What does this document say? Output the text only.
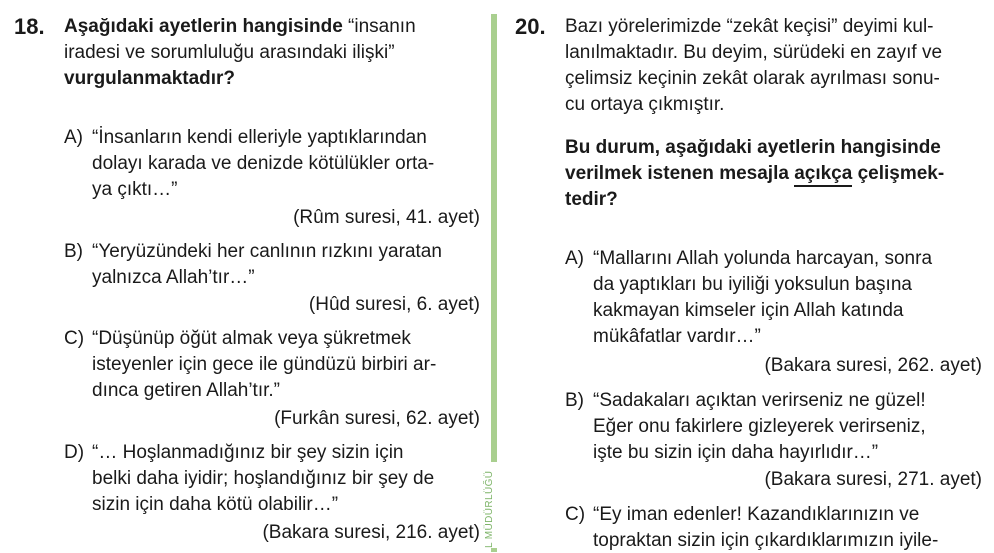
18. Aşağıdaki ayetlerin hangisinde “insanın
iradesi ve sorumluluğu arasındaki ilişki”
vurgulanmaktadır?
A) “İnsanların kendi elleriyle yaptıklarından
dolayı karada ve denizde kötülükler orta-
ya çıktı…”
(Rûm suresi, 41. ayet)
B) “Yeryüzündeki her canlının rızkını yaratan
yalnızca Allah’tır…”
(Hûd suresi, 6. ayet)
C) “Düşünüp öğüt almak veya şükretmek
isteyenler için gece ile gündüzü birbiri ar-
dınca getiren Allah’tır.”
(Furkân suresi, 62. ayet)
D) “… Hoşlanmadığınız bir şey sizin için
belki daha iyidir; hoşlandığınız bir şey de
sizin için daha kötü olabilir…”
(Bakara suresi, 216. ayet) L MÜDÜRLÜĞÜ
20. Bazı yörelerimizde “zekât keçisi” deyimi kul-
lanılmaktadır. Bu deyim, sürüdeki en zayıf ve
çelimsiz keçinin zekât olarak ayrılması sonu-
cu ortaya çıkmıştır.
Bu durum, aşağıdaki ayetlerin hangisinde
verilmek istenen mesajla açıkça çelişmek-
tedir?
A) “Mallarını Allah yolunda harcayan, sonra
da yaptıkları bu iyiliği yoksulun başına
kakmayan kimseler için Allah katında
mükâfatlar vardır…”
(Bakara suresi, 262. ayet)
B) “Sadakaları açıktan verirseniz ne güzel!
Eğer onu fakirlere gizleyerek verirseniz,
işte bu sizin için daha hayırlıdır…”
(Bakara suresi, 271. ayet)
C) “Ey iman edenler! Kazandıklarınızın ve
topraktan sizin için çıkardıklarımızın iyile-
